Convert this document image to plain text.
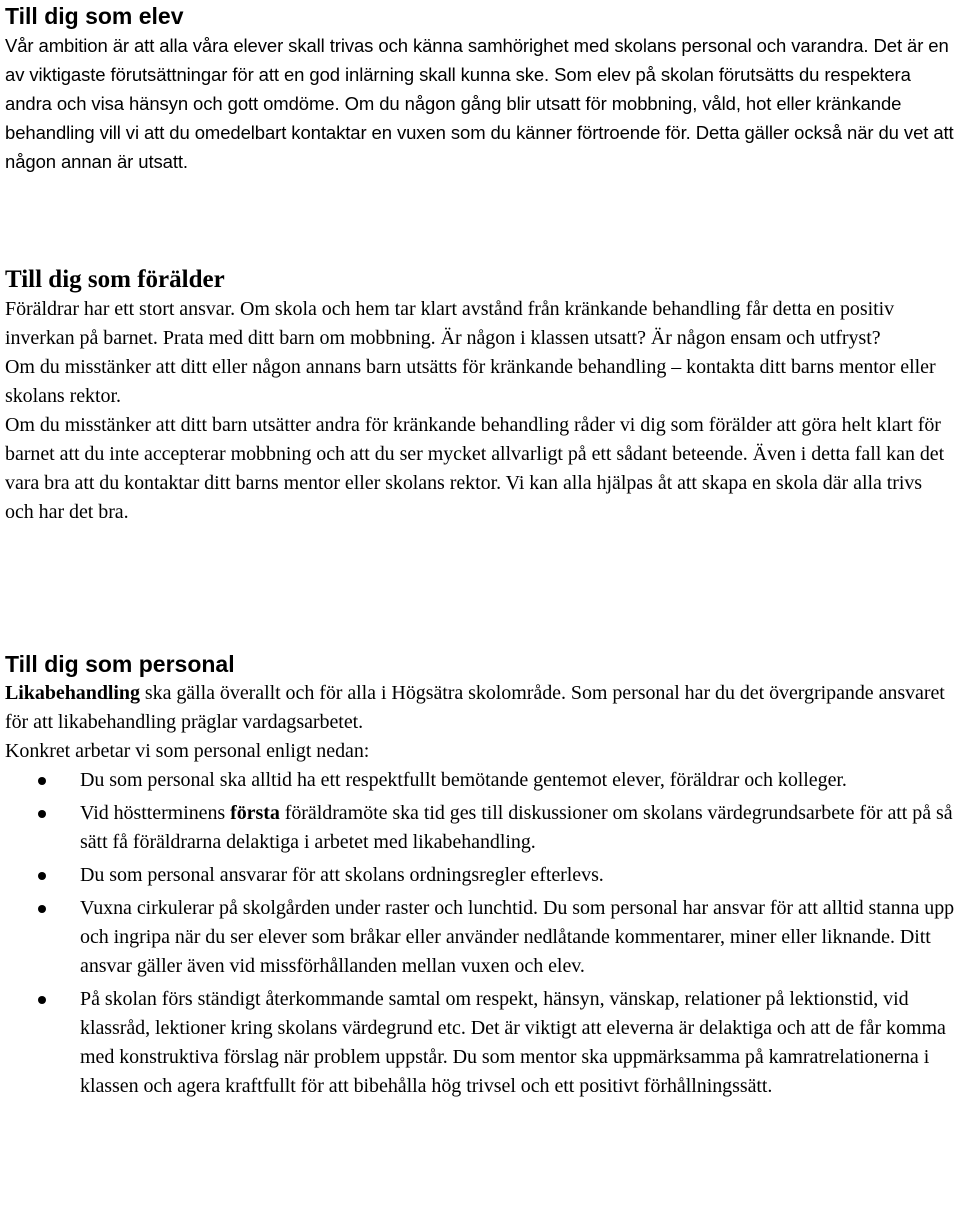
Till dig som elev

Vår ambition är att alla våra elever skall trivas och känna samhörighet med skolans personal och varandra. Det är en av viktigaste förutsättningar för att en god inlärning skall kunna ske. Som elev på skolan förutsätts du respektera andra och visa hänsyn och gott omdöme. Om du någon gång blir utsatt för mobbning, våld, hot eller kränkande behandling vill vi att du omedelbart kontaktar en vuxen som du känner förtroende för. Detta gäller också när du vet att någon annan är utsatt.

Till dig som förälder

Föräldrar har ett stort ansvar. Om skola och hem tar klart avstånd från kränkande behandling får detta en positiv inverkan på barnet. Prata med ditt barn om mobbning. Är någon i klassen utsatt? Är någon ensam och utfryst?

Om du misstänker att ditt eller någon annans barn utsätts för kränkande behandling – kontakta ditt barns mentor eller skolans rektor.

Om du misstänker att ditt barn utsätter andra för kränkande behandling råder vi dig som förälder att göra helt klart för barnet att du inte accepterar mobbning och att du ser mycket allvarligt på ett sådant beteende. Även i detta fall kan det vara bra att du kontaktar ditt barns mentor eller skolans rektor. Vi kan alla hjälpas åt att skapa en skola där alla trivs och har det bra.

Till dig som personal

Likabehandling ska gälla överallt och för alla i Högsätra skolområde. Som personal har du det övergripande ansvaret för att likabehandling präglar vardagsarbetet.

Konkret arbetar vi som personal enligt nedan:

Du som personal ska alltid ha ett respektfullt bemötande gentemot elever, föräldrar och kolleger.
Vid höstterminens första föräldramöte ska tid ges till diskussioner om skolans värdegrundsarbete för att på så sätt få föräldrarna delaktiga i arbetet med likabehandling.
Du som personal ansvarar för att skolans ordningsregler efterlevs.
Vuxna cirkulerar på skolgården under raster och lunchtid. Du som personal har ansvar för att alltid stanna upp och ingripa när du ser elever som bråkar eller använder nedlåtande kommentarer, miner eller liknande. Ditt ansvar gäller även vid missförhållanden mellan vuxen och elev.
På skolan förs ständigt återkommande samtal om respekt, hänsyn, vänskap, relationer på lektionstid, vid klassråd, lektioner kring skolans värdegrund etc. Det är viktigt att eleverna är delaktiga och att de får komma med konstruktiva förslag när problem uppstår. Du som mentor ska uppmärksamma på kamratrelationerna i klassen och agera kraftfullt för att bibehålla hög trivsel och ett positivt förhållningssätt.
